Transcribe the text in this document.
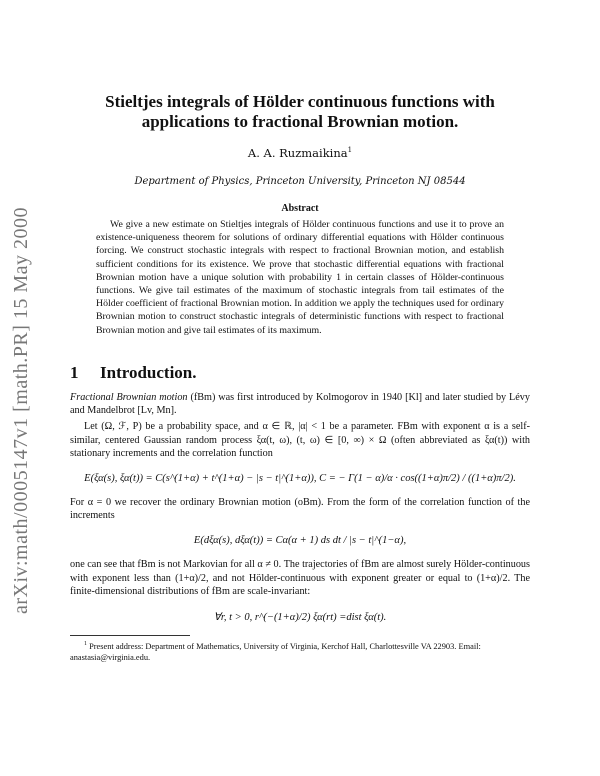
arXiv:math/0005147v1 [math.PR] 15 May 2000
Stieltjes integrals of Hölder continuous functions with
applications to fractional Brownian motion.
A. A. Ruzmaikina$^1$
Department of Physics, Princeton University, Princeton NJ 08544
Abstract

We give a new estimate on Stieltjes integrals of Hölder continuous functions and use it to prove an existence-uniqueness theorem for solutions of ordinary differential equations with Hölder continuous forcing. We construct stochastic integrals with respect to fractional Brownian motion, and establish sufficient conditions for its existence. We prove that stochastic differential equations with fractional Brownian motion have a unique solution with probability 1 in certain classes of Hölder-continuous functions. We give tail estimates of the maximum of stochastic integrals from tail estimates of the Hölder coefficient of fractional Brownian motion. In addition we apply the techniques used for ordinary Brownian motion to construct stochastic integrals of deterministic functions with respect to fractional Brownian motion and give tail estimates of its maximum.

1 Introduction.

Fractional Brownian motion (fBm) was first introduced by Kolmogorov in 1940 [Kl] and later studied by Lévy and Mandelbrot [Lv, Mn].

Let (Ω, ℱ, P) be a probability space, and α ∈ ℝ, |α| < 1 be a parameter. FBm with exponent α is a self-similar, centered Gaussian random process ξα(t, ω), (t, ω) ∈ [0, ∞) × Ω (often abbreviated as ξα(t)) with stationary increments and the correlation function

E(ξα(s), ξα(t)) = C(s^(1+α) + t^(1+α) − |s − t|^(1+α)), C = − Γ(1 − α)/α · cos((1+α)π/2) / ((1+α)π/2).

For α = 0 we recover the ordinary Brownian motion (oBm). From the form of the correlation function of the increments

E(dξα(s), dξα(t)) = Cα(α + 1) ds dt / |s − t|^(1−α),

one can see that fBm is not Markovian for all α ≠ 0. The trajectories of fBm are almost surely Hölder-continuous with exponent less than (1+α)/2, and not Hölder-continuous with exponent greater or equal to (1+α)/2. The finite-dimensional distributions of fBm are scale-invariant:

∀r, t > 0, r^(−(1+α)/2) ξα(rt) =dist ξα(t).
$^1$ Present address: Department of Mathematics, University of Virginia, Kerchof Hall, Charlottesville VA 22903. Email: anastasia@virginia.edu.
